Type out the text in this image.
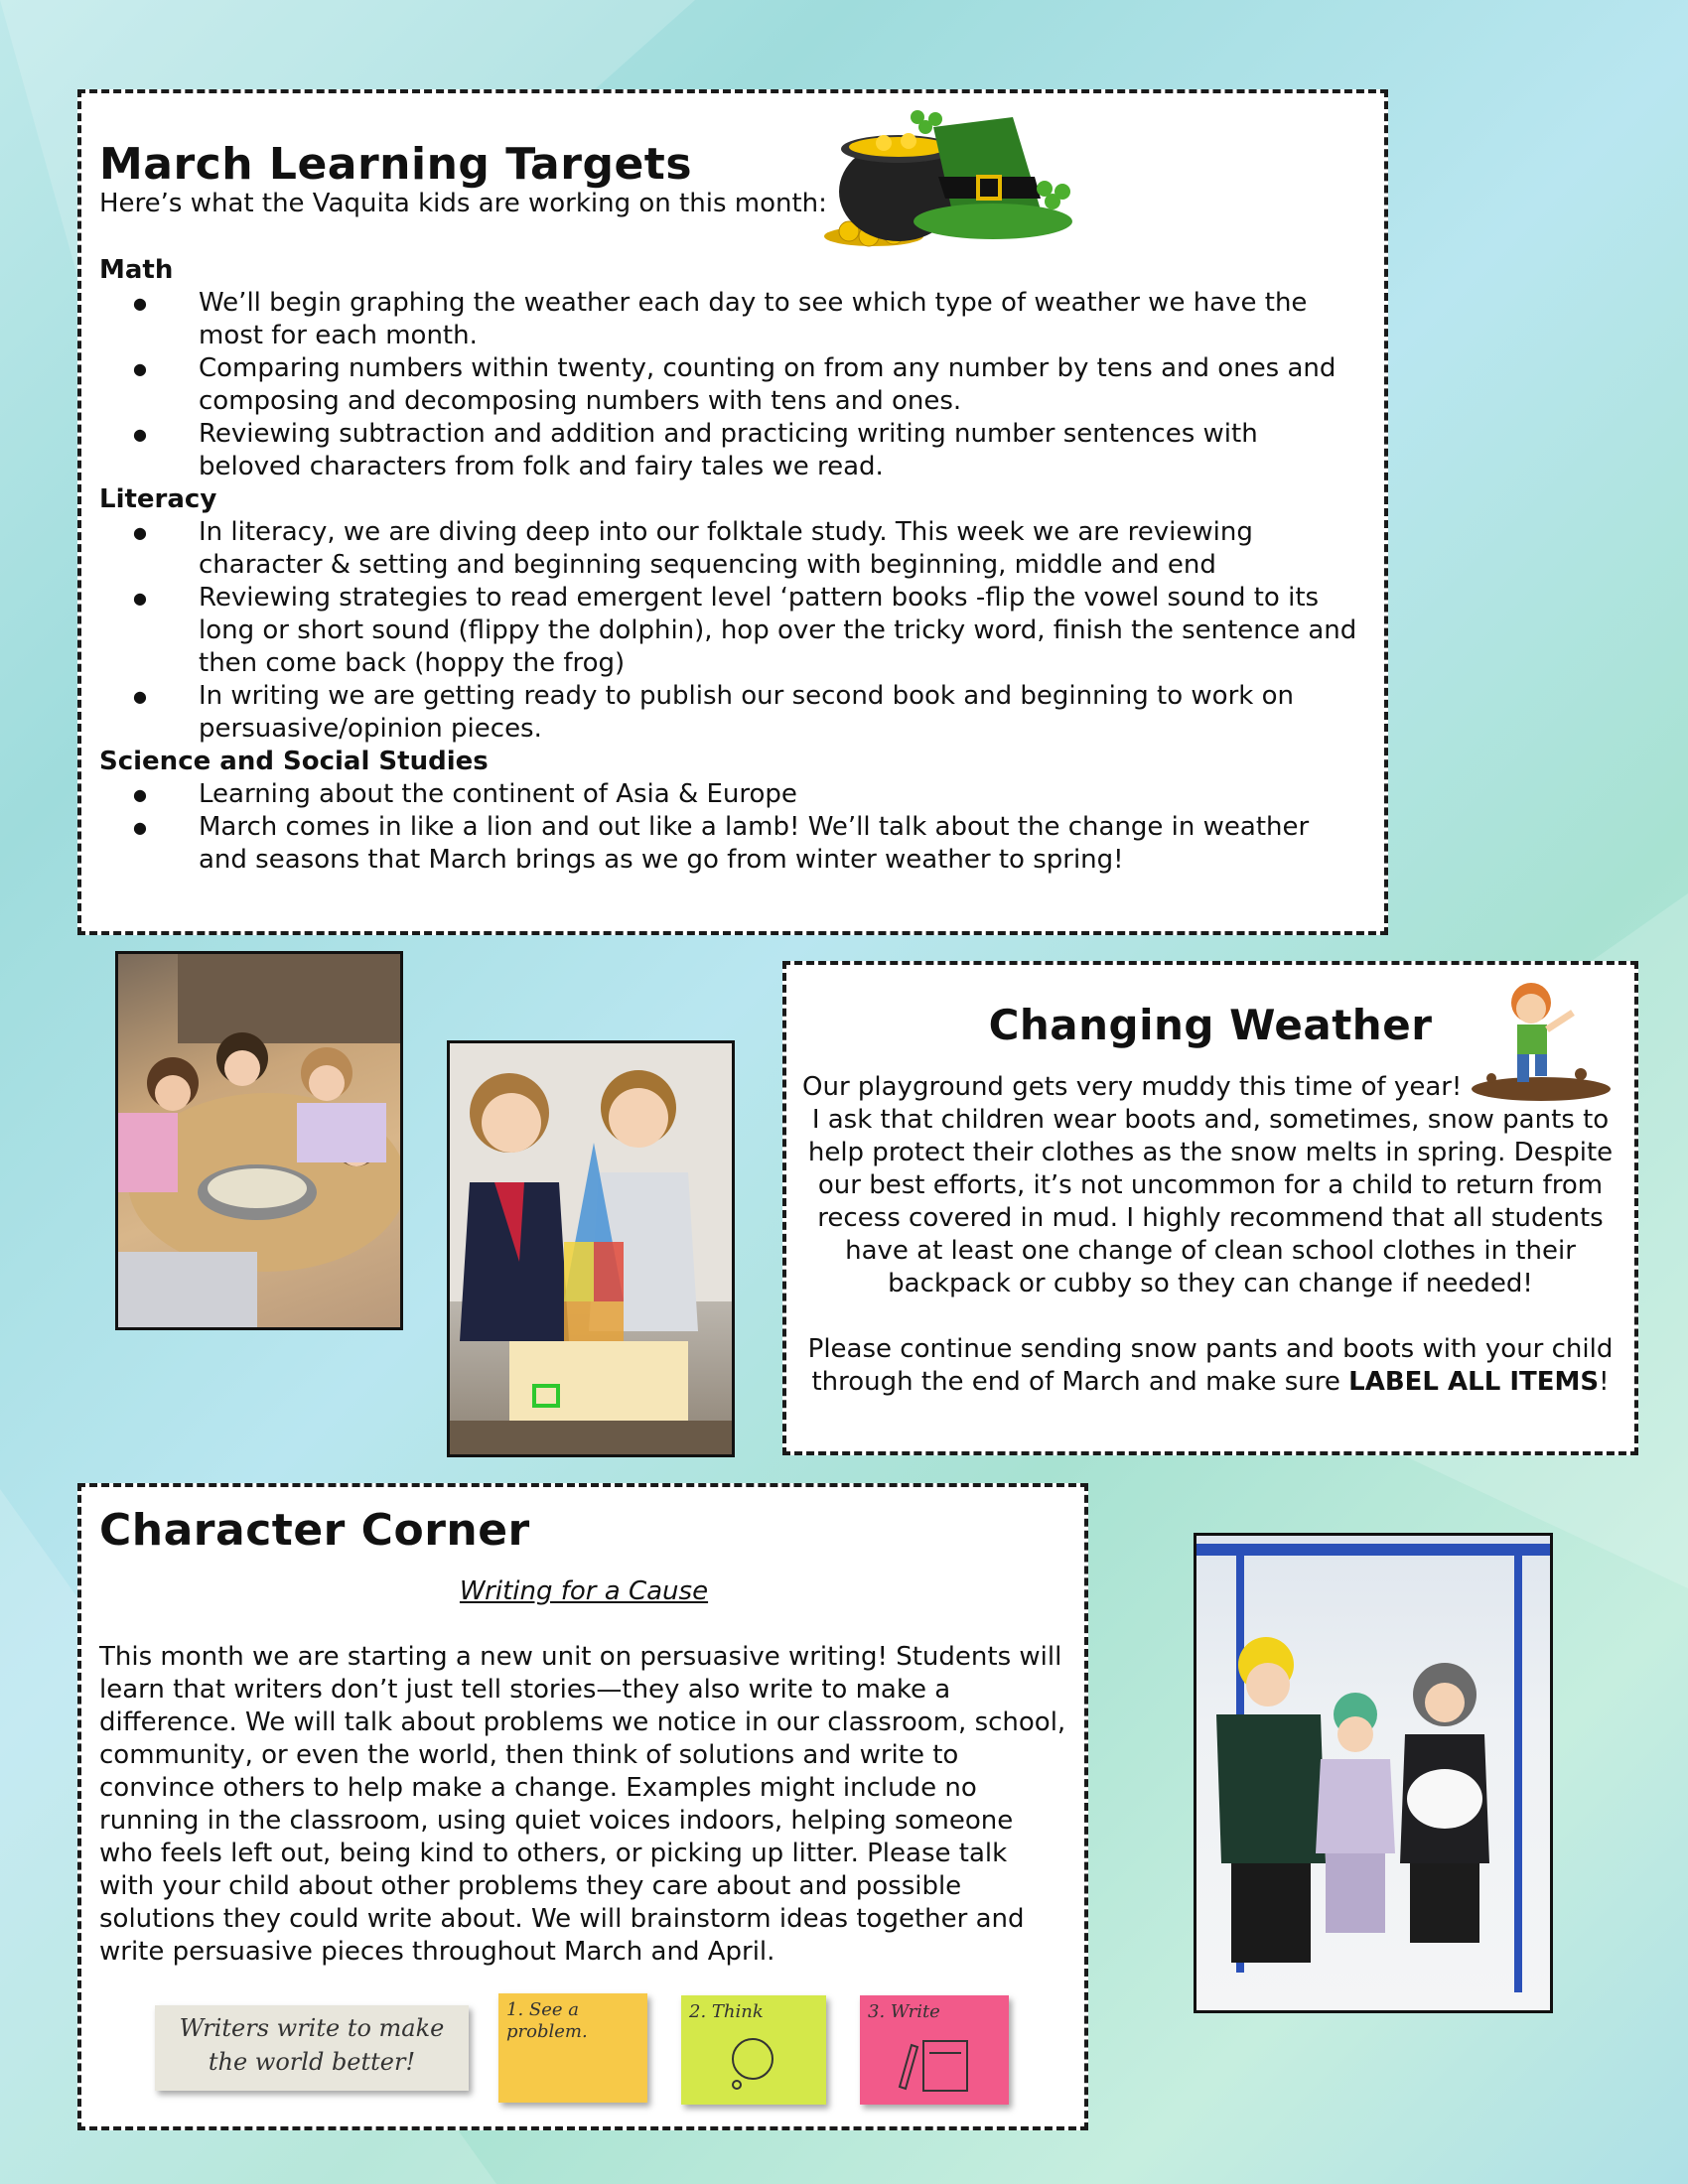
March Learning Targets
Here’s what the Vaquita kids are working on this month:
Math
● We’ll begin graphing the weather each day to see which type of weather we have the most for each month.
● Comparing numbers within twenty, counting on from any number by tens and ones and composing and decomposing numbers with tens and ones.
● Reviewing subtraction and addition and practicing writing number sentences with beloved characters from folk and fairy tales we read.
Literacy
● In literacy, we are diving deep into our folktale study. This week we are reviewing character & setting and beginning sequencing with beginning, middle and end
● Reviewing strategies to read emergent level ‘pattern books -flip the vowel sound to its long or short sound (flippy the dolphin), hop over the tricky word, finish the sentence and then come back (hoppy the frog)
● In writing we are getting ready to publish our second book and beginning to work on persuasive/opinion pieces.
Science and Social Studies
● Learning about the continent of Asia & Europe
● March comes in like a lion and out like a lamb! We’ll talk about the change in weather and seasons that March brings as we go from winter weather to spring!
Changing Weather
Our playground gets very muddy this time of year!
I ask that children wear boots and, sometimes, snow pants to help protect their clothes as the snow melts in spring. Despite our best efforts, it’s not uncommon for a child to return from recess covered in mud. I highly recommend that all students have at least one change of clean school clothes in their backpack or cubby so they can change if needed!
Please continue sending snow pants and boots with your child through the end of March and make sure LABEL ALL ITEMS!
Character Corner
Writing for a Cause
This month we are starting a new unit on persuasive writing! Students will learn that writers don’t just tell stories—they also write to make a difference. We will talk about problems we notice in our classroom, school, community, or even the world, then think of solutions and write to convince others to help make a change. Examples might include no running in the classroom, using quiet voices indoors, helping someone who feels left out, being kind to others, or picking up litter. Please talk with your child about other problems they care about and possible solutions they could write about. We will brainstorm ideas together and write persuasive pieces throughout March and April.
Writers write to make the world better!
1. See a problem.
2. Think	3. Write
